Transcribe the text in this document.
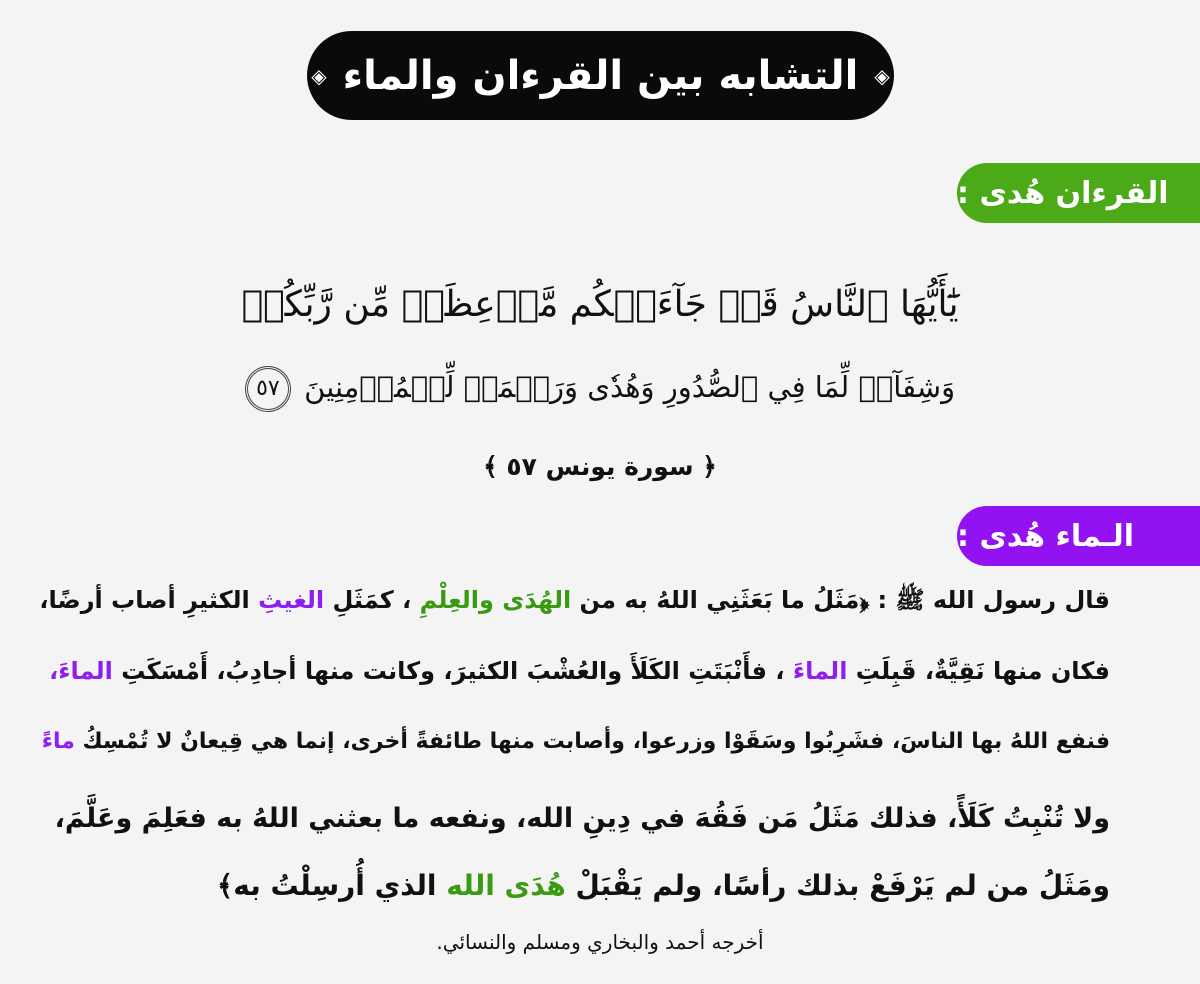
◈
التشابه بين القرءان والماء
◈
القرءان هُدى :
يَٰٓأَيُّهَا ٱلنَّاسُ قَدۡ جَآءَتۡكُم مَّوۡعِظَةٞ مِّن رَّبِّكُمۡ
وَشِفَآءٞ لِّمَا فِي ٱلصُّدُورِ وَهُدٗى وَرَحۡمَةٞ لِّلۡمُؤۡمِنِينَ ٥٧
﴿ سورة يونس ٥٧ ﴾
الـماء هُدى :
قال رسول الله ﷺ : ﴿مَثَلُ ما بَعَثَنِي اللهُ به من الهُدَى والعِلْمِ ، كمَثَلِ الغيثِ الكثيرِ أصاب أرضًا،
فكان منها نَقِيَّةٌ، قَبِلَتِ الماءَ ، فأَنْبَتَتِ الكَلَأَ والعُشْبَ الكثيرَ، وكانت منها أجادِبُ، أَمْسَكَتِ الماءَ،
فنفع اللهُ بها الناسَ، فشَرِبُوا وسَقَوْا وزرعوا، وأصابت منها طائفةً أخرى، إنما هي قِيعانٌ لا تُمْسِكُ ماءً
ولا تُنْبِتُ كَلَأً، فذلك مَثَلُ مَن فَقُهَ في دِينِ الله، ونفعه ما بعثني اللهُ به فعَلِمَ وعَلَّمَ،
ومَثَلُ من لم يَرْفَعْ بذلك رأسًا، ولم يَقْبَلْ هُدَى الله الذي أُرسِلْتُ به﴾
أخرجه أحمد والبخاري ومسلم والنسائي.
